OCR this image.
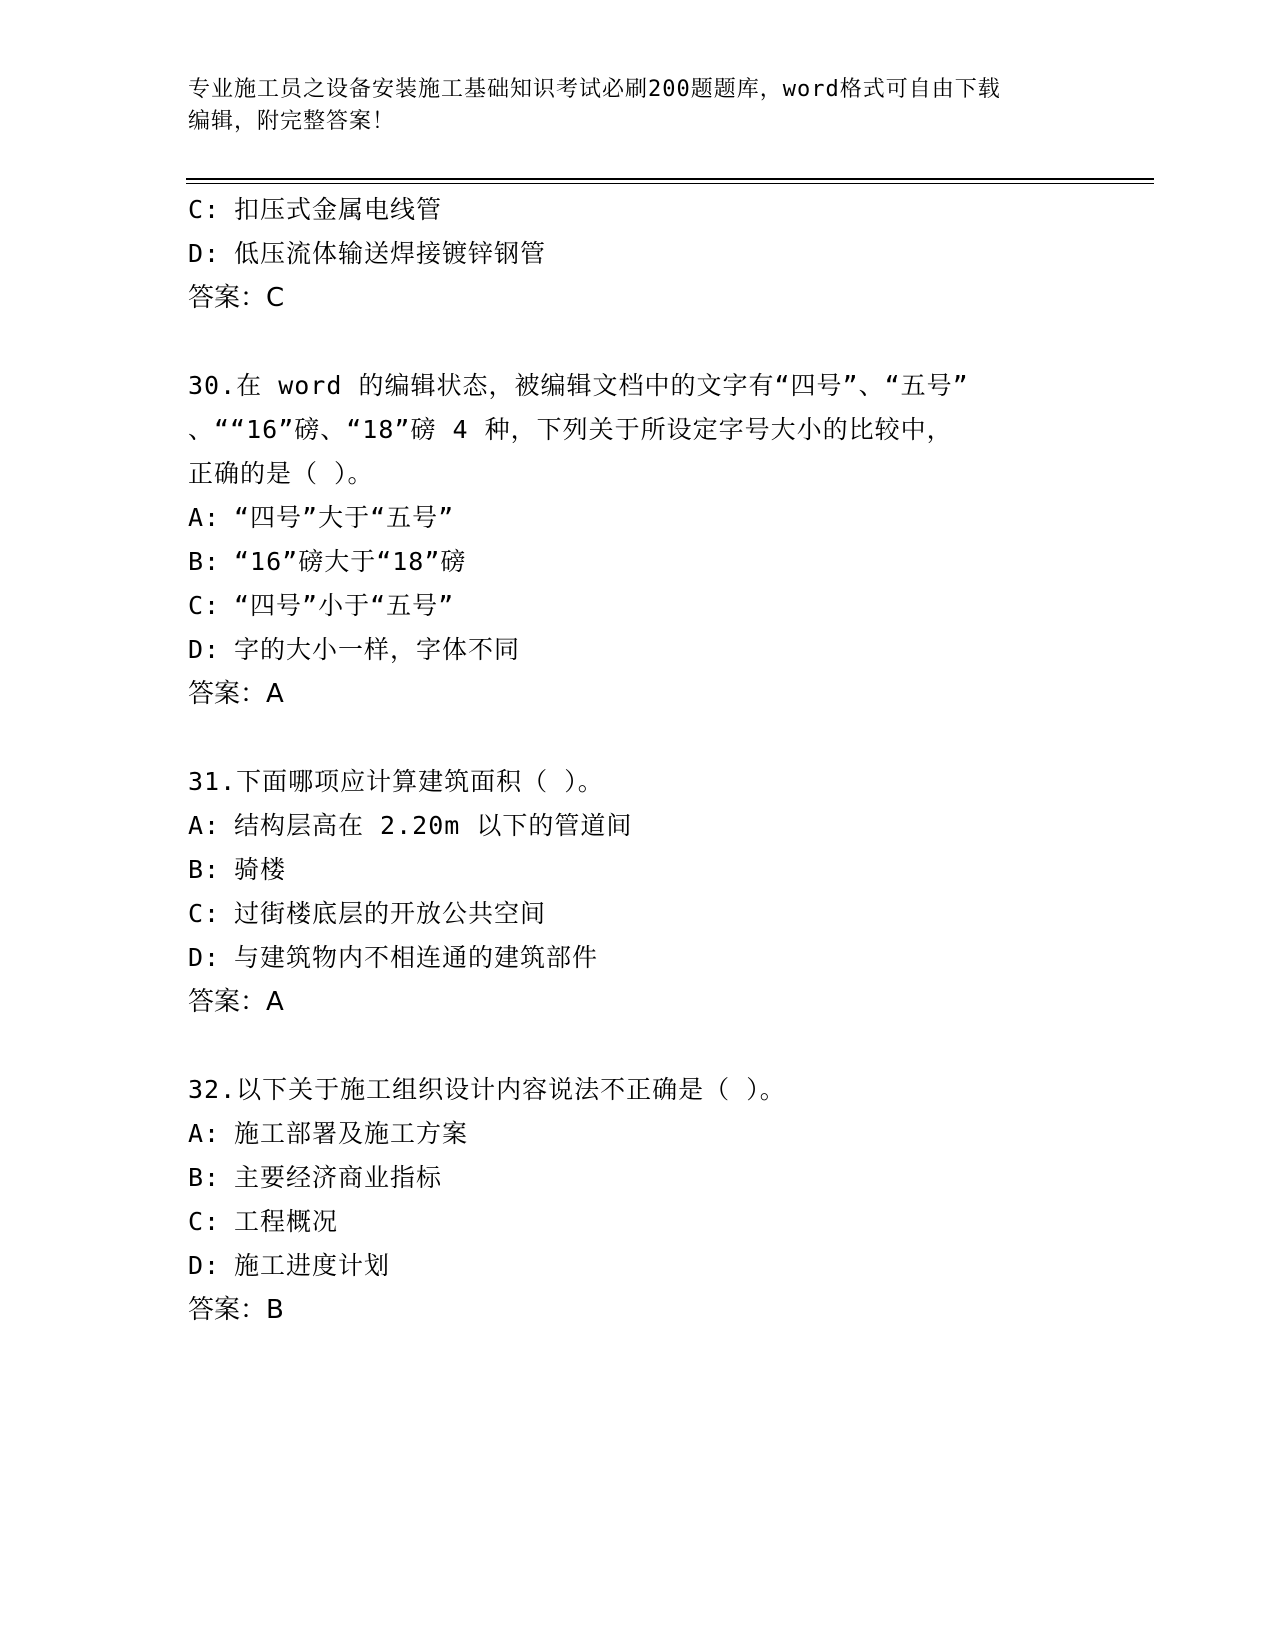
专业施工员之设备安装施工基础知识考试必刷200题题库，word格式可自由下载
编辑，附完整答案！
C: 扣压式金属电线管
D: 低压流体输送焊接镀锌钢管
答案：C
30.在 word 的编辑状态，被编辑文档中的文字有“四号”、“五号”
、““16”磅、“18”磅 4 种，下列关于所设定字号大小的比较中，
正确的是（ ）。
A: “四号”大于“五号”
B: “16”磅大于“18”磅
C: “四号”小于“五号”
D: 字的大小一样，字体不同
答案：A
31.下面哪项应计算建筑面积（ ）。
A: 结构层高在 2.20m 以下的管道间
B: 骑楼
C: 过街楼底层的开放公共空间
D: 与建筑物内不相连通的建筑部件
答案：A
32.以下关于施工组织设计内容说法不正确是（ ）。
A: 施工部署及施工方案
B: 主要经济商业指标
C: 工程概况
D: 施工进度计划
答案：B
